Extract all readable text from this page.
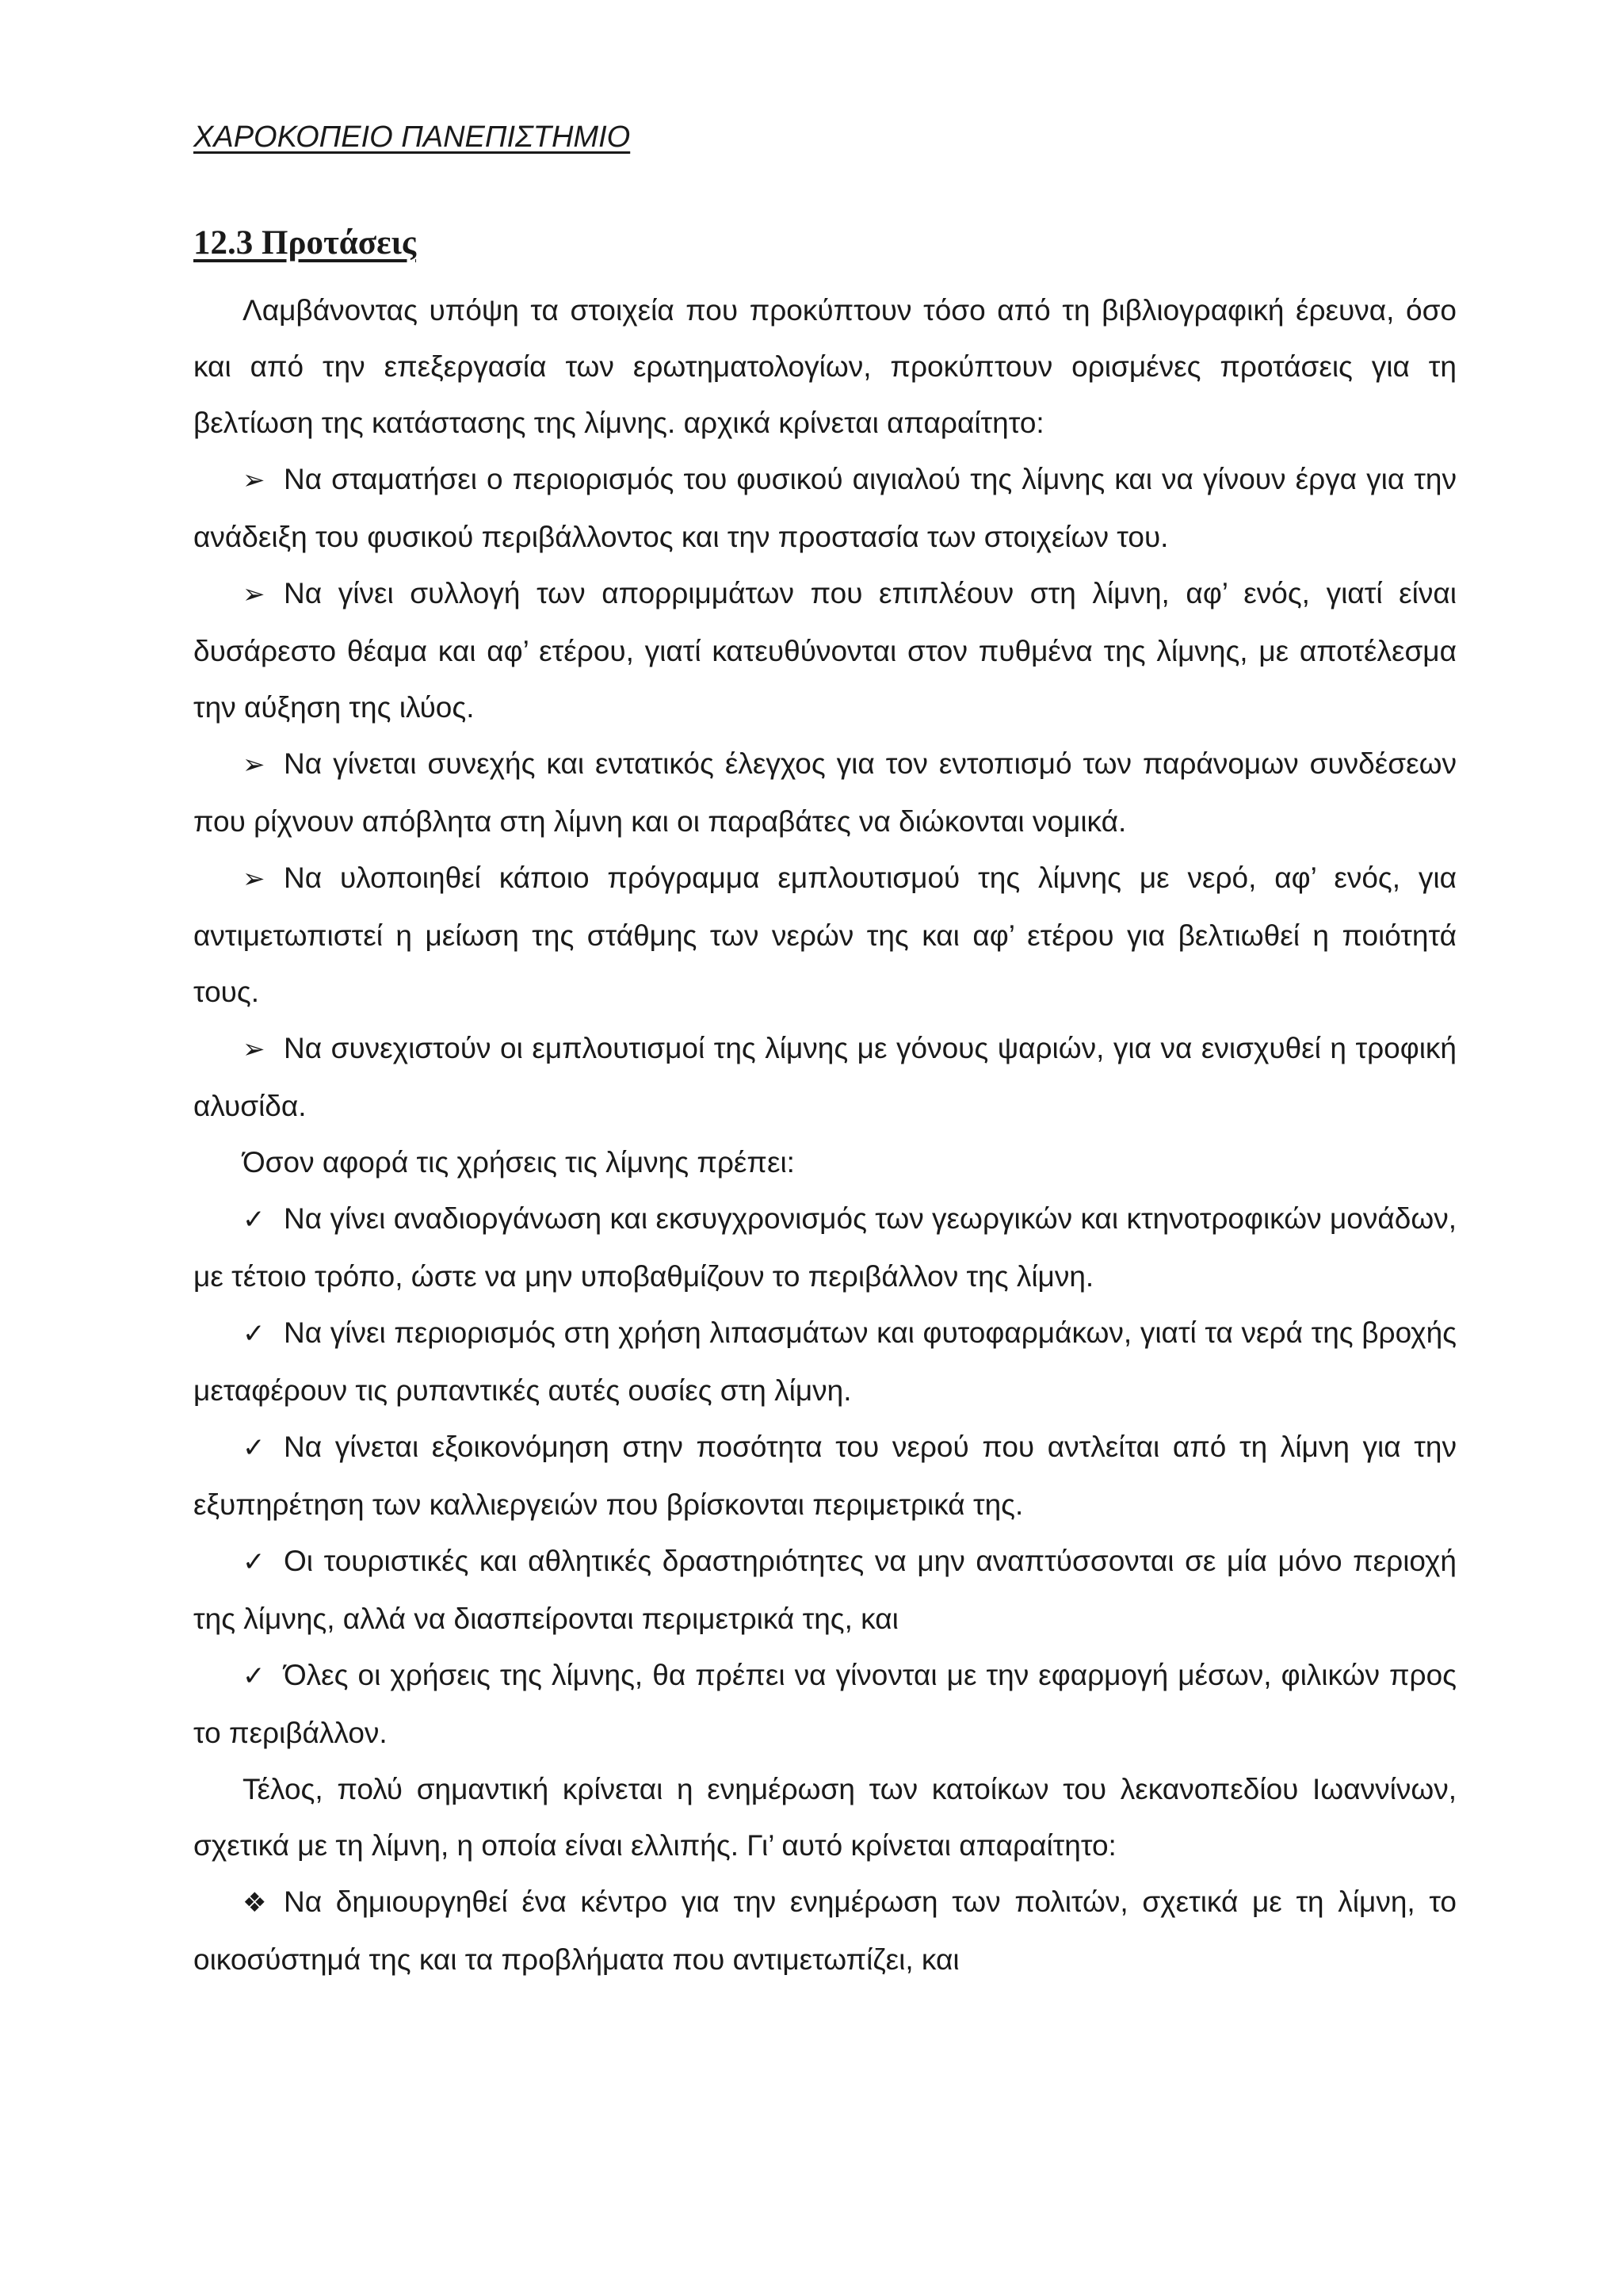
ΧΑΡΟΚΟΠΕΙΟ ΠΑΝΕΠΙΣΤΗΜΙΟ
12.3 Προτάσεις

Λαμβάνοντας υπόψη τα στοιχεία που προκύπτουν τόσο από τη βιβλιογραφική έρευνα, όσο και από την επεξεργασία των ερωτηματολογίων, προκύπτουν ορισμένες προτάσεις για τη βελτίωση της κατάστασης της λίμνης. αρχικά κρίνεται απαραίτητο:

➢ Να σταματήσει ο περιορισμός του φυσικού αιγιαλού της λίμνης και να γίνουν έργα για την ανάδειξη του φυσικού περιβάλλοντος και την προστασία των στοιχείων του.

➢ Να γίνει συλλογή των απορριμμάτων που επιπλέουν στη λίμνη, αφ’ ενός, γιατί είναι δυσάρεστο θέαμα και αφ’ ετέρου, γιατί κατευθύνονται στον πυθμένα της λίμνης, με αποτέλεσμα την αύξηση της ιλύος.

➢ Να γίνεται συνεχής και εντατικός έλεγχος για τον εντοπισμό των παράνομων συνδέσεων που ρίχνουν απόβλητα στη λίμνη και οι παραβάτες να διώκονται νομικά.

➢ Να υλοποιηθεί κάποιο πρόγραμμα εμπλουτισμού της λίμνης με νερό, αφ’ ενός, για αντιμετωπιστεί η μείωση της στάθμης των νερών της και αφ’ ετέρου για βελτιωθεί η ποιότητά τους.

➢ Να συνεχιστούν οι εμπλουτισμοί της λίμνης με γόνους ψαριών, για να ενισχυθεί η τροφική αλυσίδα.

Όσον αφορά τις χρήσεις τις λίμνης πρέπει:

✓ Να γίνει αναδιοργάνωση και εκσυγχρονισμός των γεωργικών και κτηνοτροφικών μονάδων, με τέτοιο τρόπο, ώστε να μην υποβαθμίζουν το περιβάλλον της λίμνη.

✓ Να γίνει περιορισμός στη χρήση λιπασμάτων και φυτοφαρμάκων, γιατί τα νερά της βροχής μεταφέρουν τις ρυπαντικές αυτές ουσίες στη λίμνη.

✓ Να γίνεται εξοικονόμηση στην ποσότητα του νερού που αντλείται από τη λίμνη για την εξυπηρέτηση των καλλιεργειών που βρίσκονται περιμετρικά της.

✓ Οι τουριστικές και αθλητικές δραστηριότητες να μην αναπτύσσονται σε μία μόνο περιοχή της λίμνης, αλλά να διασπείρονται περιμετρικά της, και

✓ Όλες οι χρήσεις της λίμνης, θα πρέπει να γίνονται με την εφαρμογή μέσων, φιλικών προς το περιβάλλον.

Τέλος, πολύ σημαντική κρίνεται η ενημέρωση των κατοίκων του λεκανοπεδίου Ιωαννίνων, σχετικά με τη λίμνη, η οποία είναι ελλιπής. Γι’ αυτό κρίνεται απαραίτητο:

❖ Να δημιουργηθεί ένα κέντρο για την ενημέρωση των πολιτών, σχετικά με τη λίμνη, το οικοσύστημά της και τα προβλήματα που αντιμετωπίζει, και
